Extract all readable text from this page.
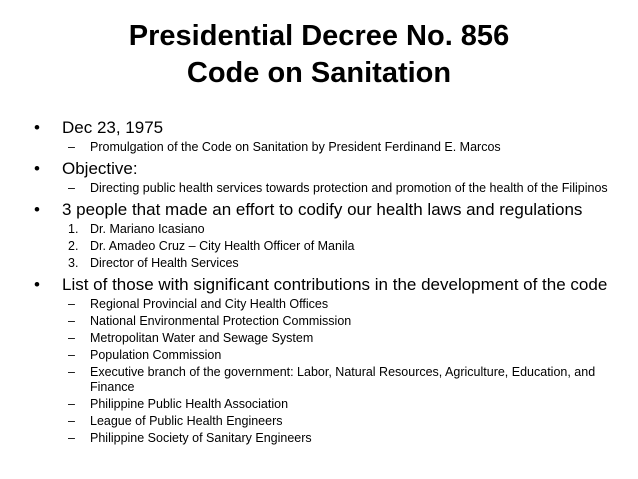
Presidential Decree No. 856
Code on Sanitation
• Dec 23, 1975
– Promulgation of the Code on Sanitation by President Ferdinand E. Marcos
• Objective:
– Directing public health services towards protection and promotion of the health of the Filipinos
• 3 people that made an effort to codify our health laws and regulations
1. Dr. Mariano Icasiano
2. Dr. Amadeo Cruz – City Health Officer of Manila
3. Director of Health Services
• List of those with significant contributions in the development of the code
– Regional Provincial and City Health Offices
– National Environmental Protection Commission
– Metropolitan Water and Sewage System
– Population Commission
– Executive branch of the government: Labor, Natural Resources, Agriculture, Education, and Finance
– Philippine Public Health Association
– League of Public Health Engineers
– Philippine Society of Sanitary Engineers
